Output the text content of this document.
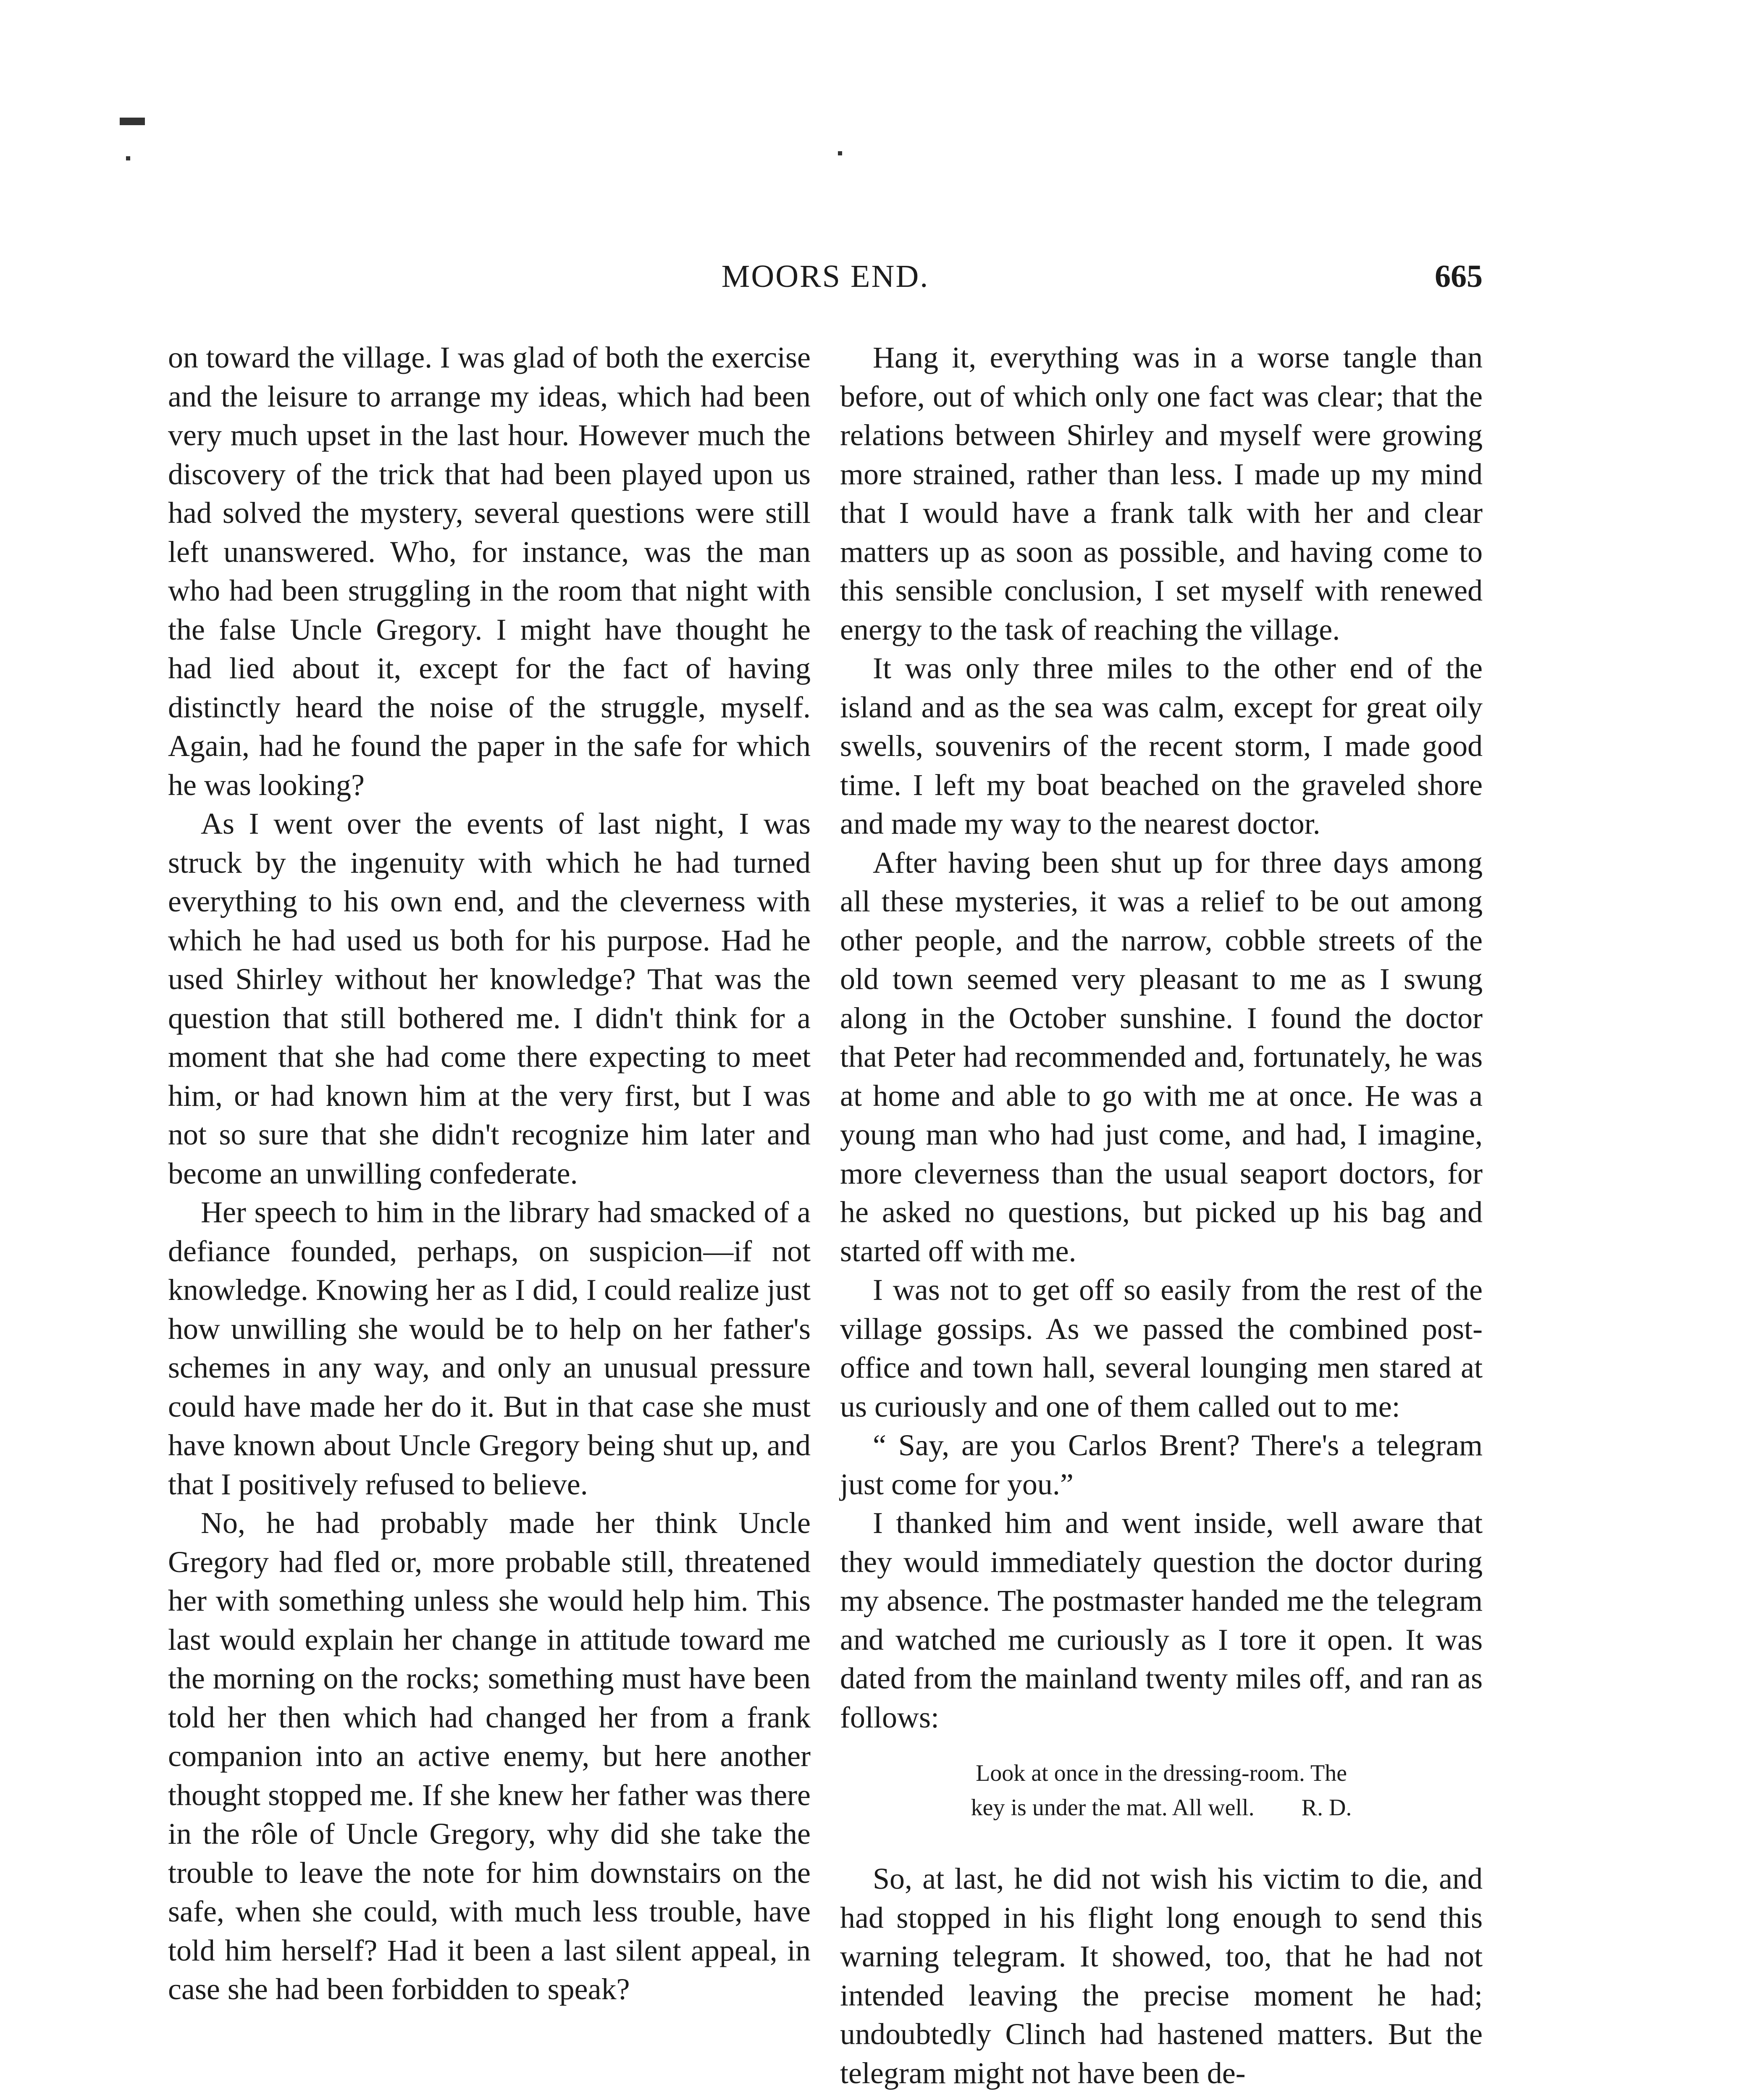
MOORS END.	665

on toward the village. I was glad of both the exercise and the leisure to arrange my ideas, which had been very much upset in the last hour. However much the discovery of the trick that had been played upon us had solved the mystery, several questions were still left unanswered. Who, for instance, was the man who had been struggling in the room that night with the false Uncle Gregory. I might have thought he had lied about it, except for the fact of having distinctly heard the noise of the struggle, myself. Again, had he found the paper in the safe for which he was looking?

As I went over the events of last night, I was struck by the ingenuity with which he had turned everything to his own end, and the cleverness with which he had used us both for his purpose. Had he used Shirley without her knowledge? That was the question that still bothered me. I didn't think for a moment that she had come there expecting to meet him, or had known him at the very first, but I was not so sure that she didn't recognize him later and become an unwilling confederate.

Her speech to him in the library had smacked of a defiance founded, perhaps, on suspicion—if not knowledge. Knowing her as I did, I could realize just how unwilling she would be to help on her father's schemes in any way, and only an unusual pressure could have made her do it. But in that case she must have known about Uncle Gregory being shut up, and that I positively refused to believe.

No, he had probably made her think Uncle Gregory had fled or, more probable still, threatened her with something unless she would help him. This last would explain her change in attitude toward me the morning on the rocks; something must have been told her then which had changed her from a frank companion into an active enemy, but here another thought stopped me. If she knew her father was there in the rôle of Uncle Gregory, why did she take the trouble to leave the note for him downstairs on the safe, when she could, with much less trouble, have told him herself? Had it been a last silent appeal, in case she had been forbidden to speak?

Hang it, everything was in a worse tangle than before, out of which only one fact was clear; that the relations between Shirley and myself were growing more strained, rather than less. I made up my mind that I would have a frank talk with her and clear matters up as soon as possible, and having come to this sensible conclusion, I set myself with renewed energy to the task of reaching the village.

It was only three miles to the other end of the island and as the sea was calm, except for great oily swells, souvenirs of the recent storm, I made good time. I left my boat beached on the graveled shore and made my way to the nearest doctor.

After having been shut up for three days among all these mysteries, it was a relief to be out among other people, and the narrow, cobble streets of the old town seemed very pleasant to me as I swung along in the October sunshine. I found the doctor that Peter had recommended and, fortunately, he was at home and able to go with me at once. He was a young man who had just come, and had, I imagine, more cleverness than the usual seaport doctors, for he asked no questions, but picked up his bag and started off with me.

I was not to get off so easily from the rest of the village gossips. As we passed the combined post-office and town hall, several lounging men stared at us curiously and one of them called out to me:

“ Say, are you Carlos Brent? There's a telegram just come for you.”

I thanked him and went inside, well aware that they would immediately question the doctor during my absence. The postmaster handed me the telegram and watched me curiously as I tore it open. It was dated from the mainland twenty miles off, and ran as follows:

Look at once in the dressing-room. The
key is under the mat. All well.        R. D.

So, at last, he did not wish his victim to die, and had stopped in his flight long enough to send this warning telegram. It showed, too, that he had not intended leaving the precise moment he had; undoubtedly Clinch had hastened matters. But the telegram might not have been de-
